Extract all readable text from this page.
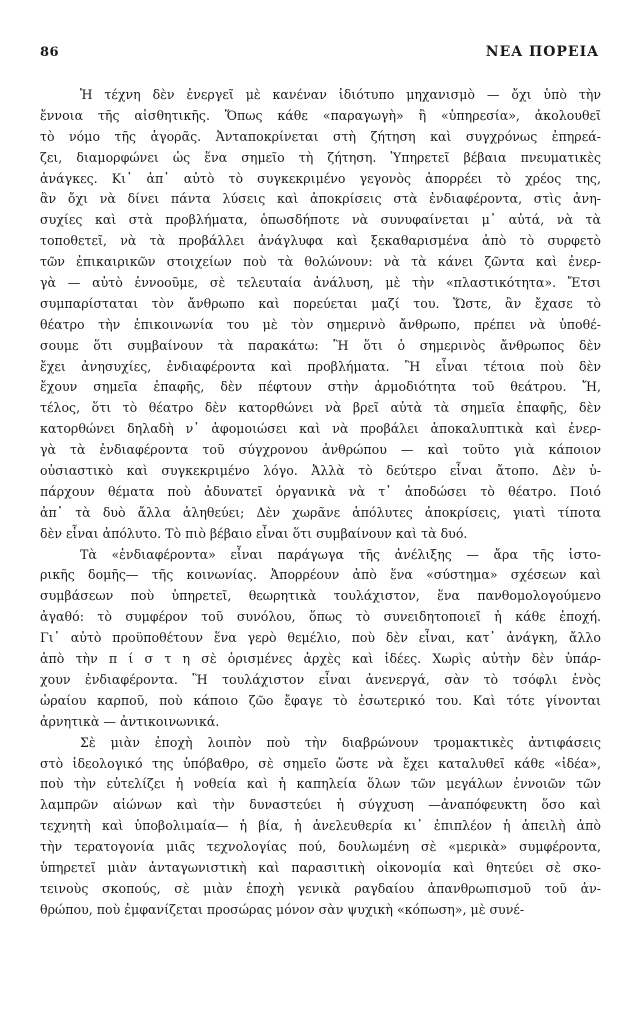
86	ΝΕΑ ΠΟΡΕΙΑ
Ἡ τέχνη δὲν ἐνεργεῖ μὲ κανέναν ἰδιότυπο μηχανισμὸ — ὄχι ὑπὸ τὴν
ἔννοια τῆς αἰσθητικῆς. Ὅπως κάθε «παραγωγὴ» ἢ «ὑπηρεσία», ἀκολουθεῖ
τὸ νόμο τῆς ἀγορᾶς. Ἀνταποκρίνεται στὴ ζήτηση καὶ συγχρόνως ἐπηρεά-
ζει, διαμορφώνει ὡς ἕνα σημεῖο τὴ ζήτηση. Ὑπηρετεῖ βέβαια πνευματικὲς
ἀνάγκες. Κι᾽ ἀπ᾽ αὐτὸ τὸ συγκεκριμένο γεγονὸς ἀπορρέει τὸ χρέος της,
ἂν ὄχι νὰ δίνει πάντα λύσεις καὶ ἀποκρίσεις στὰ ἐνδιαφέροντα, στὶς ἀνη-
συχίες καὶ στὰ προβλήματα, ὁπωσδήποτε νὰ συνυφαίνεται μ᾽ αὐτά, νὰ τὰ
τοποθετεῖ, νὰ τὰ προβάλλει ἀνάγλυφα καὶ ξεκαθαρισμένα ἀπὸ τὸ συρφετὸ
τῶν ἐπικαιρικῶν στοιχείων ποὺ τὰ θολώνουν: νὰ τὰ κάνει ζῶντα καὶ ἐνερ-
γὰ — αὐτὸ ἐννοοῦμε, σὲ τελευταία ἀνάλυση, μὲ τὴν «πλαστικότητα». Ἔτσι
συμπαρίσταται τὸν ἄνθρωπο καὶ πορεύεται μαζί του. Ὥστε, ἂν ἔχασε τὸ
θέατρο τὴν ἐπικοινωνία του μὲ τὸν σημερινὸ ἄνθρωπο, πρέπει νὰ ὑποθέ-
σουμε ὅτι συμβαίνουν τὰ παρακάτω: Ἢ ὅτι ὁ σημερινὸς ἄνθρωπος δὲν
ἔχει ἀνησυχίες, ἐνδιαφέροντα καὶ προβλήματα. Ἢ εἶναι τέτοια ποὺ δὲν
ἔχουν σημεῖα ἐπαφῆς, δὲν πέφτουν στὴν ἁρμοδιότητα τοῦ θεάτρου. Ἤ,
τέλος, ὅτι τὸ θέατρο δὲν κατορθώνει νὰ βρεῖ αὐτὰ τὰ σημεῖα ἐπαφῆς, δὲν
κατορθώνει δηλαδὴ ν᾽ ἀφομοιώσει καὶ νὰ προβάλει ἀποκαλυπτικὰ καὶ ἐνερ-
γὰ τὰ ἐνδιαφέροντα τοῦ σύγχρονου ἀνθρώπου — καὶ τοῦτο γιὰ κάποιον
οὐσιαστικὸ καὶ συγκεκριμένο λόγο. Ἀλλὰ τὸ δεύτερο εἶναι ἄτοπο. Δὲν ὑ-
πάρχουν θέματα ποὺ ἀδυνατεῖ ὀργανικὰ νὰ τ᾽ ἀποδώσει τὸ θέατρο. Ποιό
ἀπ᾽ τὰ δυὸ ἄλλα ἀληθεύει; Δὲν χωρᾶνε ἀπόλυτες ἀποκρίσεις, γιατὶ τίποτα
δὲν εἶναι ἀπόλυτο. Τὸ πιὸ βέβαιο εἶναι ὅτι συμβαίνουν καὶ τὰ δυό.
Τὰ «ἐνδιαφέροντα» εἶναι παράγωγα τῆς ἀνέλιξης — ἄρα τῆς ἱστο-
ρικῆς δομῆς— τῆς κοινωνίας. Ἀπορρέουν ἀπὸ ἕνα «σύστημα» σχέσεων καὶ
συμβάσεων ποὺ ὑπηρετεῖ, θεωρητικὰ τουλάχιστον, ἕνα πανθομολογούμενο
ἀγαθό: τὸ συμφέρον τοῦ συνόλου, ὅπως τὸ συνειδητοποιεῖ ἡ κάθε ἐποχή.
Γι᾽ αὐτὸ προϋποθέτουν ἕνα γερὸ θεμέλιο, ποὺ δὲν εἶναι, κατ᾽ ἀνάγκη, ἄλλο
ἀπὸ τὴν π ί σ τ η σὲ ὁρισμένες ἀρχὲς καὶ ἰδέες. Χωρὶς αὐτὴν δὲν ὑπάρ-
χουν ἐνδιαφέροντα. Ἢ τουλάχιστον εἶναι ἀνενεργά, σὰν τὸ τσόφλι ἑνὸς
ὡραίου καρποῦ, ποὺ κάποιο ζῶο ἔφαγε τὸ ἐσωτερικό του. Καὶ τότε γίνονται
ἀρνητικὰ — ἀντικοινωνικά.
Σὲ μιὰν ἐποχὴ λοιπὸν ποὺ τὴν διαβρώνουν τρομακτικὲς ἀντιφάσεις
στὸ ἰδεολογικό της ὑπόβαθρο, σὲ σημεῖο ὥστε νὰ ἔχει καταλυθεῖ κάθε «ἰδέα»,
ποὺ τὴν εὐτελίζει ἡ νοθεία καὶ ἡ καπηλεία ὅλων τῶν μεγάλων ἐννοιῶν τῶν
λαμπρῶν αἰώνων καὶ τὴν δυναστεύει ἡ σύγχυση —ἀναπόφευκτη ὅσο καὶ
τεχνητὴ καὶ ὑποβολιμαία— ἡ βία, ἡ ἀνελευθερία κι᾽ ἐπιπλέον ἡ ἀπειλὴ ἀπὸ
τὴν τερατογονία μιᾶς τεχνολογίας πού, δουλωμένη σὲ «μερικὰ» συμφέροντα,
ὑπηρετεῖ μιὰν ἀνταγωνιστικὴ καὶ παρασιτικὴ οἰκονομία καὶ θητεύει σὲ σκο-
τεινοὺς σκοπούς, σὲ μιὰν ἐποχὴ γενικὰ ραγδαίου ἀπανθρωπισμοῦ τοῦ ἀν-
θρώπου, ποὺ ἐμφανίζεται προσώρας μόνον σὰν ψυχικὴ «κόπωση», μὲ συνέ-
